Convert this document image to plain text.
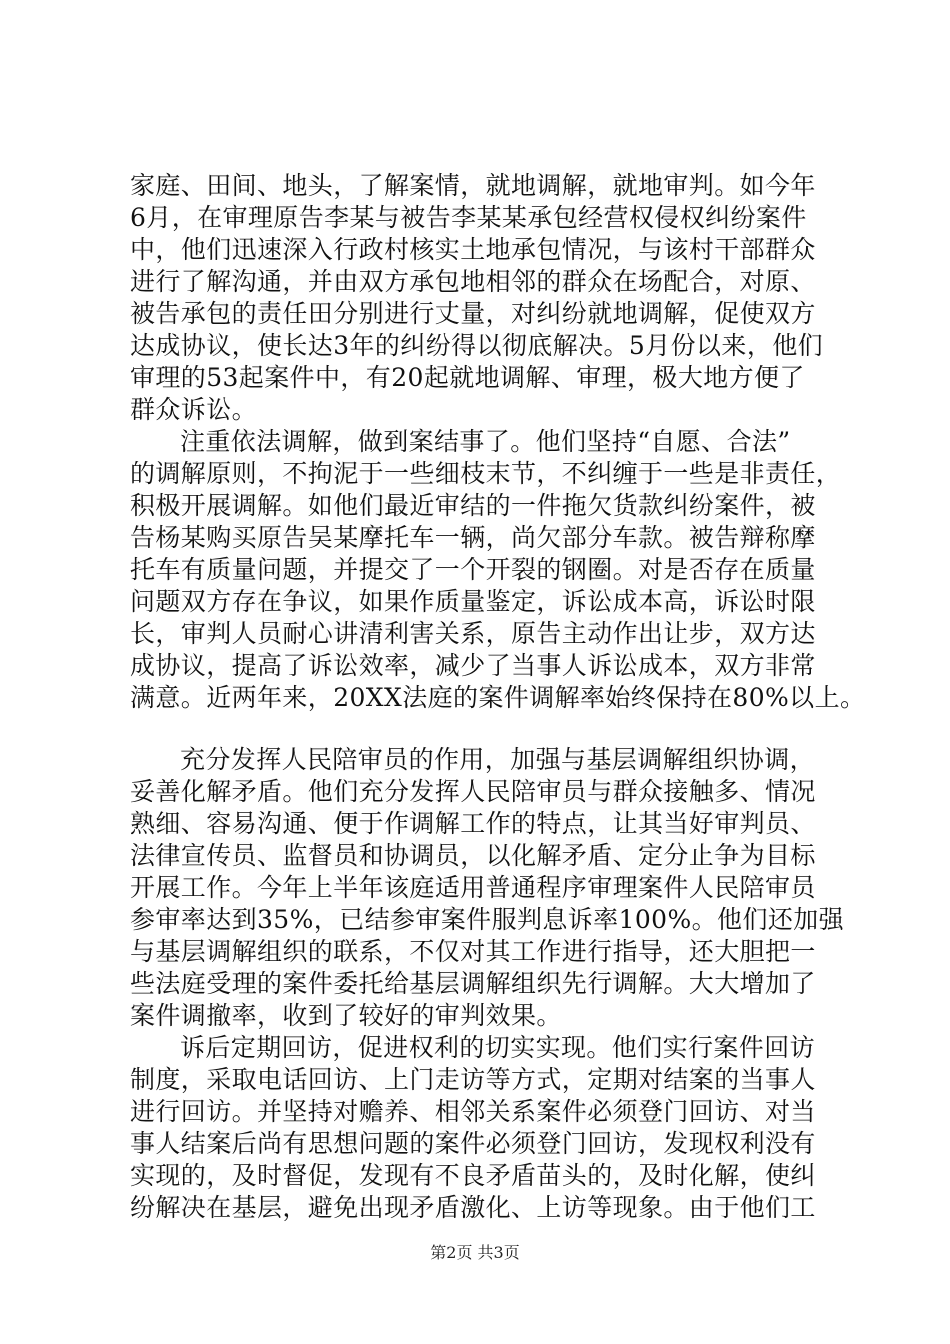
家庭、田间、地头，了解案情，就地调解，就地审判。如今年
6月，在审理原告李某与被告李某某承包经营权侵权纠纷案件
中，他们迅速深入行政村核实土地承包情况，与该村干部群众
进行了解沟通，并由双方承包地相邻的群众在场配合，对原、
被告承包的责任田分别进行丈量，对纠纷就地调解，促使双方
达成协议，使长达3年的纠纷得以彻底解决。5月份以来，他们
审理的53起案件中，有20起就地调解、审理，极大地方便了
群众诉讼。
注重依法调解，做到案结事了。他们坚持“自愿、合法”
的调解原则，不拘泥于一些细枝末节，不纠缠于一些是非责任，
积极开展调解。如他们最近审结的一件拖欠货款纠纷案件，被
告杨某购买原告吴某摩托车一辆，尚欠部分车款。被告辩称摩
托车有质量问题，并提交了一个开裂的钢圈。对是否存在质量
问题双方存在争议，如果作质量鉴定，诉讼成本高，诉讼时限
长，审判人员耐心讲清利害关系，原告主动作出让步，双方达
成协议，提高了诉讼效率，减少了当事人诉讼成本，双方非常
满意。近两年来，20XX法庭的案件调解率始终保持在80%以上。
充分发挥人民陪审员的作用，加强与基层调解组织协调，
妥善化解矛盾。他们充分发挥人民陪审员与群众接触多、情况
熟细、容易沟通、便于作调解工作的特点，让其当好审判员、
法律宣传员、监督员和协调员，以化解矛盾、定分止争为目标
开展工作。今年上半年该庭适用普通程序审理案件人民陪审员
参审率达到35%，已结参审案件服判息诉率100%。他们还加强
与基层调解组织的联系，不仅对其工作进行指导，还大胆把一
些法庭受理的案件委托给基层调解组织先行调解。大大增加了
案件调撤率，收到了较好的审判效果。
诉后定期回访，促进权利的切实实现。他们实行案件回访
制度，采取电话回访、上门走访等方式，定期对结案的当事人
进行回访。并坚持对赡养、相邻关系案件必须登门回访、对当
事人结案后尚有思想问题的案件必须登门回访，发现权利没有
实现的，及时督促，发现有不良矛盾苗头的，及时化解，使纠
纷解决在基层，避免出现矛盾激化、上访等现象。由于他们工
第2页 共3页
